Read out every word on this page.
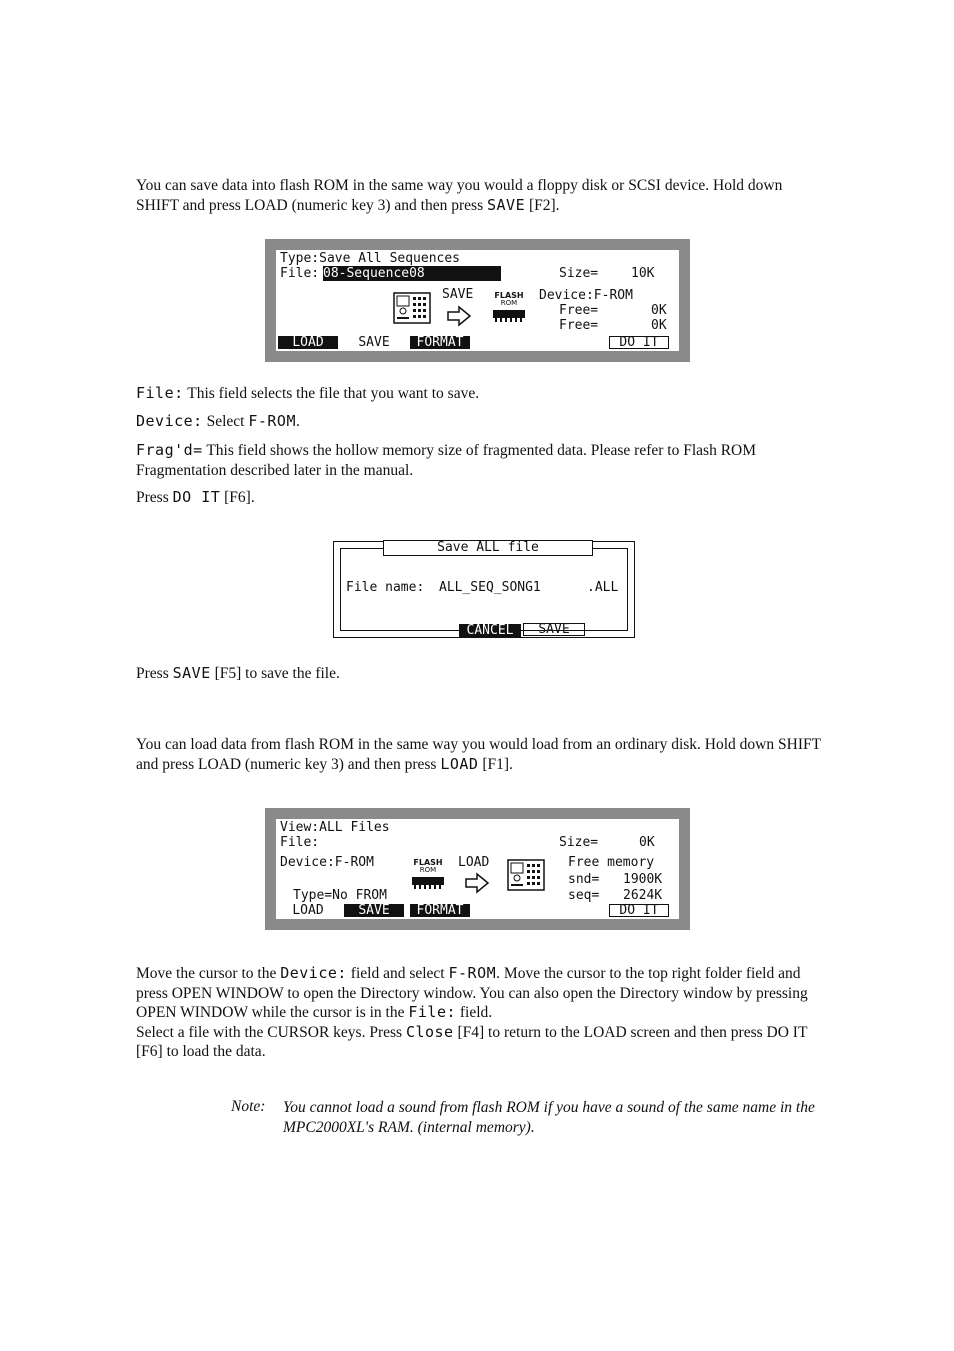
You can save data into flash ROM in the same way you would a floppy disk or SCSI device. Hold down SHIFT and press LOAD (numeric key 3) and then press SAVE [F2].
Type:Save All Sequences
File: 08-Sequence08	Size=	10K
SAVE	FLASH
ROM	Device:F-ROM
Free=	0K
Free=	0K
LOAD	SAVE	FORMAT	DO IT
File: This field selects the file that you want to save.
Device: Select F-ROM.
Frag'd= This field shows the hollow memory size of fragmented data. Please refer to Flash ROM Fragmentation described later in the manual.
Press DO IT [F6].
Save ALL file
File name: ALL_SEQ_SONG1	.ALL
CANCEL	SAVE
Press SAVE [F5] to save the file.
You can load data from flash ROM in the same way you would load from an ordinary disk. Hold down SHIFT and press LOAD (numeric key 3) and then press LOAD [F1].
View:ALL Files
File:	Size=	0K
Device:F-ROM	FLASH
ROM	LOAD	Free memory
snd= 1900K
seq= 2624K
Type=No FROM
LOAD	SAVE	FORMAT	DO IT
Move the cursor to the Device: field and select F-ROM. Move the cursor to the top right folder field and press OPEN WINDOW to open the Directory window. You can also open the Directory window by pressing OPEN WINDOW while the cursor is in the File: field.
Select a file with the CURSOR keys. Press Close [F4] to return to the LOAD screen and then press DO IT [F6] to load the data.
Note: You cannot load a sound from flash ROM if you have a sound of the same name in the MPC2000XL's RAM. (internal memory).
